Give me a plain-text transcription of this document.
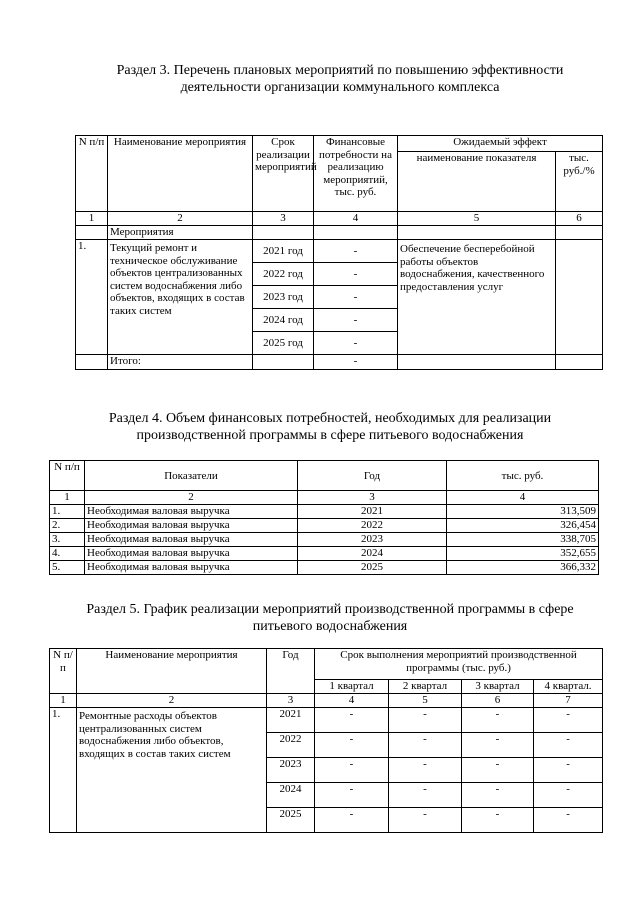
Раздел 3. Перечень плановых мероприятий по повышению эффективности
деятельности организации коммунального комплекса
N п/п	Наименование мероприятия	Срок реализации мероприятий	Финансовые потребности на реализацию мероприятий, тыс. руб.	Ожидаемый эффект	
				наименование показателя	тыс. руб./%
1	2	3	4	5	6
	Мероприятия				
1.	Текущий ремонт и техническое обслуживание объектов централизованных систем водоснабжения либо объектов, входящих в состав таких систем	2021 год	-	Обеспечение бесперебойной работы объектов водоснабжения, качественного предоставления услуг	
		2022 год	-		
		2023 год	-		
		2024 год	-		
		2025 год	-		
	Итого:		-		
Раздел 4. Объем финансовых потребностей, необходимых для реализации
производственной программы в сфере питьевого водоснабжения
N п/п	Показатели	Год	тыс. руб.
1	2	3	4
1.	Необходимая валовая выручка	2021	313,509
2.	Необходимая валовая выручка	2022	326,454
3.	Необходимая валовая выручка	2023	338,705
4.	Необходимая валовая выручка	2024	352,655
5.	Необходимая валовая выручка	2025	366,332
Раздел 5. График реализации мероприятий производственной программы в сфере
питьевого водоснабжения
N п/ п	Наименование мероприятия	Год	Срок выполнения мероприятий производственной программы (тыс. руб.)			
			1 квартал	2 квартал	3 квартал	4 квартал.
1	2	3	4	5	6	7
1.	Ремонтные расходы объектов централизованных систем водоснабжения либо объектов, входящих в состав таких систем	2021	-	-	-	-
		2022	-	-	-	-
		2023	-	-	-	-
		2024	-	-	-	-
		2025	-	-	-	-
